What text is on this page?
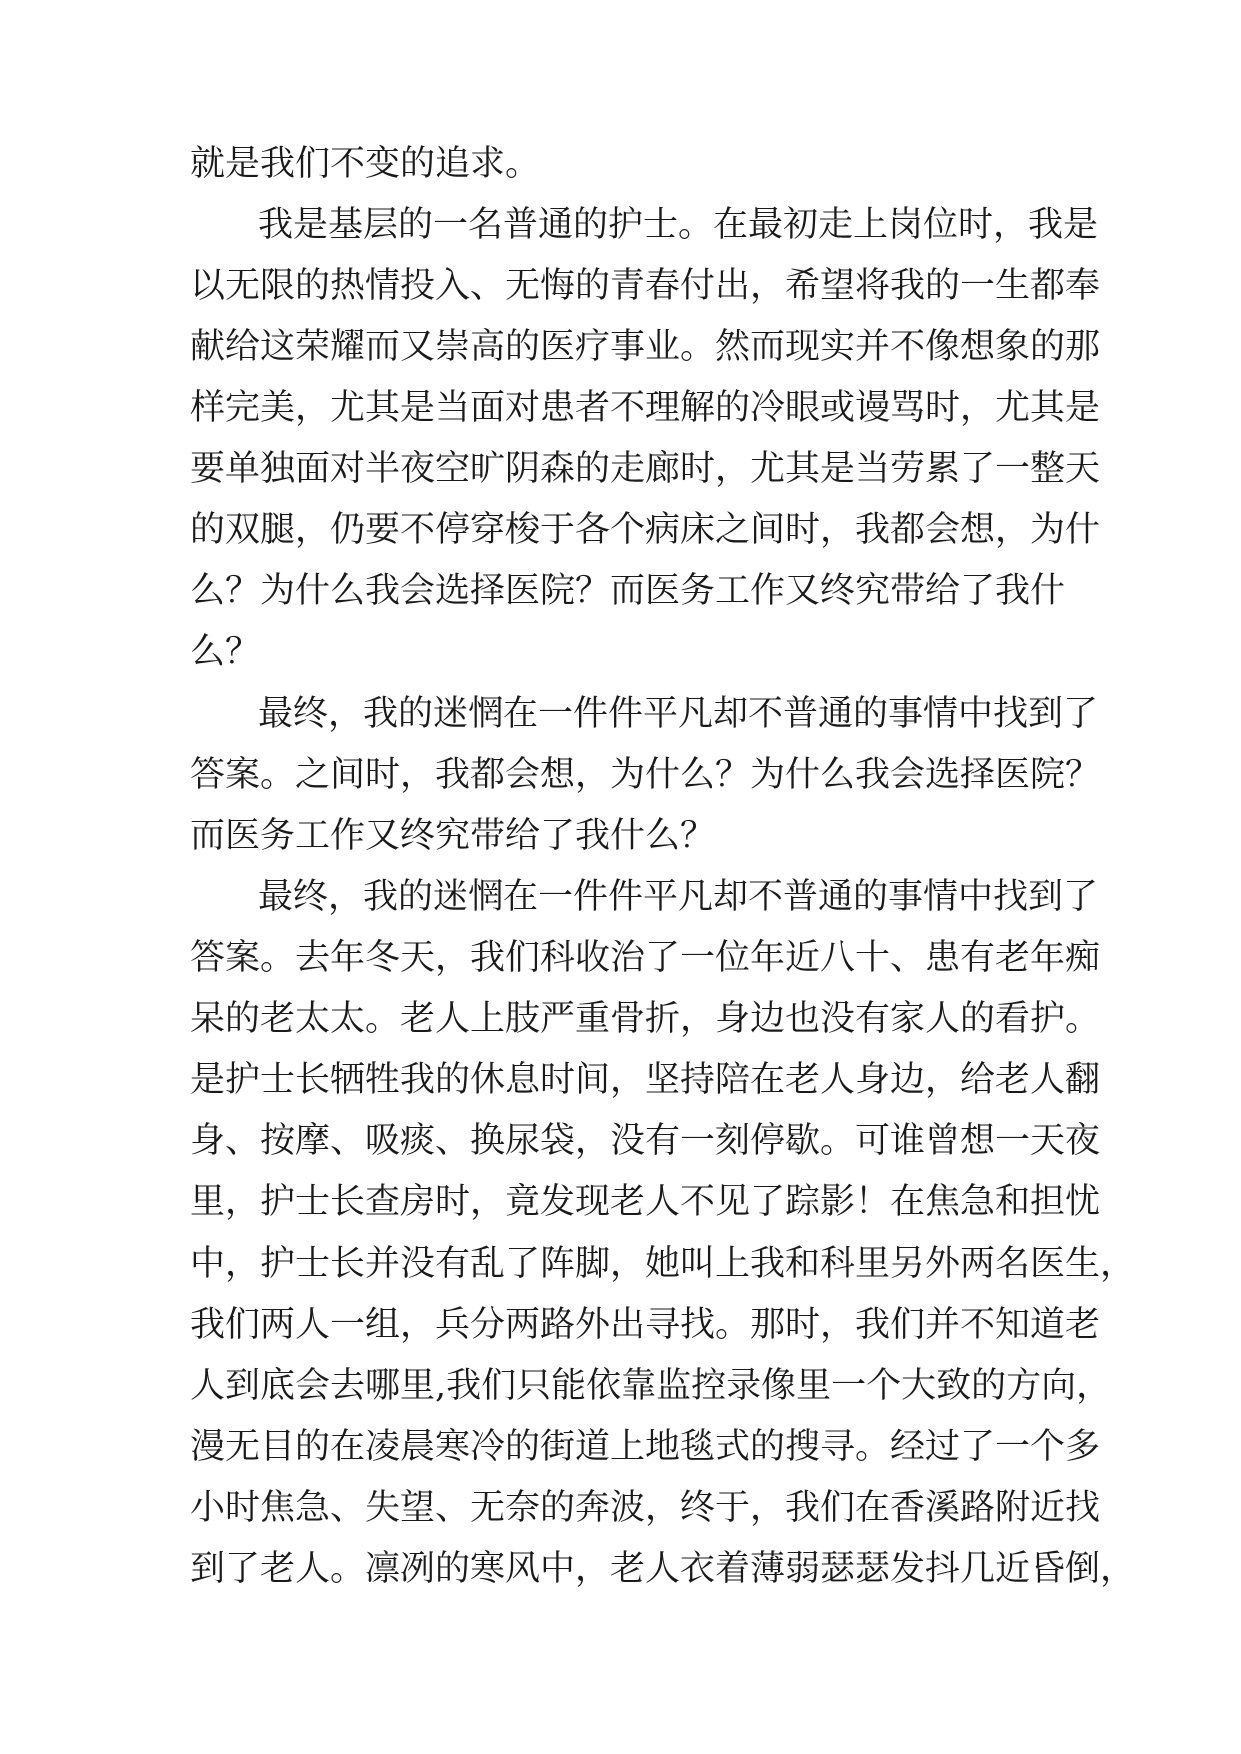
就是我们不变的追求。
我是基层的一名普通的护士。在最初走上岗位时，我是
以无限的热情投入、无悔的青春付出，希望将我的一生都奉
献给这荣耀而又崇高的医疗事业。然而现实并不像想象的那
样完美，尤其是当面对患者不理解的冷眼或谩骂时，尤其是
要单独面对半夜空旷阴森的走廊时，尤其是当劳累了一整天
的双腿，仍要不停穿梭于各个病床之间时，我都会想，为什
么？为什么我会选择医院？而医务工作又终究带给了我什
么？
最终，我的迷惘在一件件平凡却不普通的事情中找到了
答案。之间时，我都会想，为什么？为什么我会选择医院？
而医务工作又终究带给了我什么？
最终，我的迷惘在一件件平凡却不普通的事情中找到了
答案。去年冬天，我们科收治了一位年近八十、患有老年痴
呆的老太太。老人上肢严重骨折，身边也没有家人的看护。
是护士长牺牲我的休息时间，坚持陪在老人身边，给老人翻
身、按摩、吸痰、换尿袋，没有一刻停歇。可谁曾想一天夜
里，护士长查房时，竟发现老人不见了踪影！在焦急和担忧
中，护士长并没有乱了阵脚，她叫上我和科里另外两名医生，
我们两人一组，兵分两路外出寻找。那时，我们并不知道老
人到底会去哪里,我们只能依靠监控录像里一个大致的方向，
漫无目的在凌晨寒冷的街道上地毯式的搜寻。经过了一个多
小时焦急、失望、无奈的奔波，终于，我们在香溪路附近找
到了老人。凛冽的寒风中，老人衣着薄弱瑟瑟发抖几近昏倒，
